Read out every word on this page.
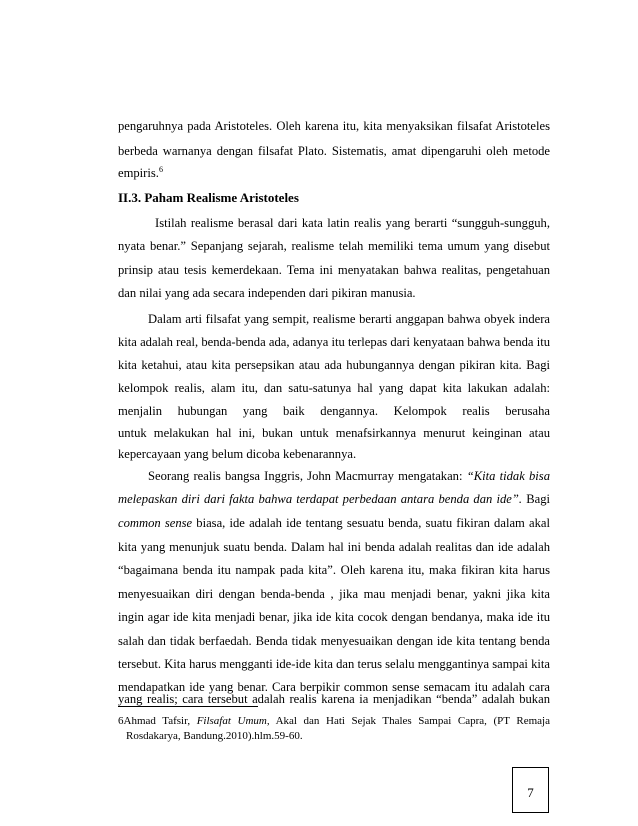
pengaruhnya pada Aristoteles. Oleh karena itu, kita menyaksikan filsafat Aristoteles
berbeda warnanya dengan filsafat Plato. Sistematis, amat dipengaruhi oleh metode
empiris.$^6$
II.3. Paham Realisme Aristoteles
Istilah realisme berasal dari kata latin realis yang berarti “sungguh-sungguh,
nyata benar.” Sepanjang sejarah, realisme telah memiliki tema umum yang disebut
prinsip atau tesis kemerdekaan. Tema ini menyatakan bahwa realitas, pengetahuan
dan nilai yang ada secara independen dari pikiran manusia.
Dalam arti filsafat yang sempit, realisme berarti anggapan bahwa obyek indera
kita adalah real, benda-benda ada, adanya itu terlepas dari kenyataan bahwa benda itu
kita ketahui, atau kita persepsikan atau ada hubungannya dengan pikiran kita. Bagi
kelompok realis, alam itu, dan satu-satunya hal yang dapat kita lakukan adalah:
menjalin hubungan yang baik dengannya. Kelompok realis berusaha
untuk melakukan hal ini, bukan untuk menafsirkannya menurut keinginan atau
kepercayaan yang belum dicoba kebenarannya.
Seorang realis bangsa Inggris, John Macmurray mengatakan: “Kita tidak bisa
melepaskan diri dari fakta bahwa terdapat perbedaan antara benda dan ide”. Bagi
common sense biasa, ide adalah ide tentang sesuatu benda, suatu fikiran dalam akal
kita yang menunjuk suatu benda. Dalam hal ini benda adalah realitas dan ide adalah
“bagaimana benda itu nampak pada kita”. Oleh karena itu, maka fikiran kita harus
menyesuaikan diri dengan benda-benda , jika mau menjadi benar, yakni jika kita
ingin agar ide kita menjadi benar, jika ide kita cocok dengan bendanya, maka ide itu
salah dan tidak berfaedah. Benda tidak menyesuaikan dengan ide kita tentang benda
tersebut. Kita harus mengganti ide-ide kita dan terus selalu menggantinya sampai kita
mendapatkan ide yang benar. Cara berpikir common sense semacam itu adalah cara
yang realis; cara tersebut adalah realis karena ia menjadikan “benda” adalah bukan
6Ahmad Tafsir, Filsafat Umum, Akal dan Hati Sejak Thales Sampai Capra, (PT Remaja
Rosdakarya, Bandung.2010).hlm.59-60.
7
